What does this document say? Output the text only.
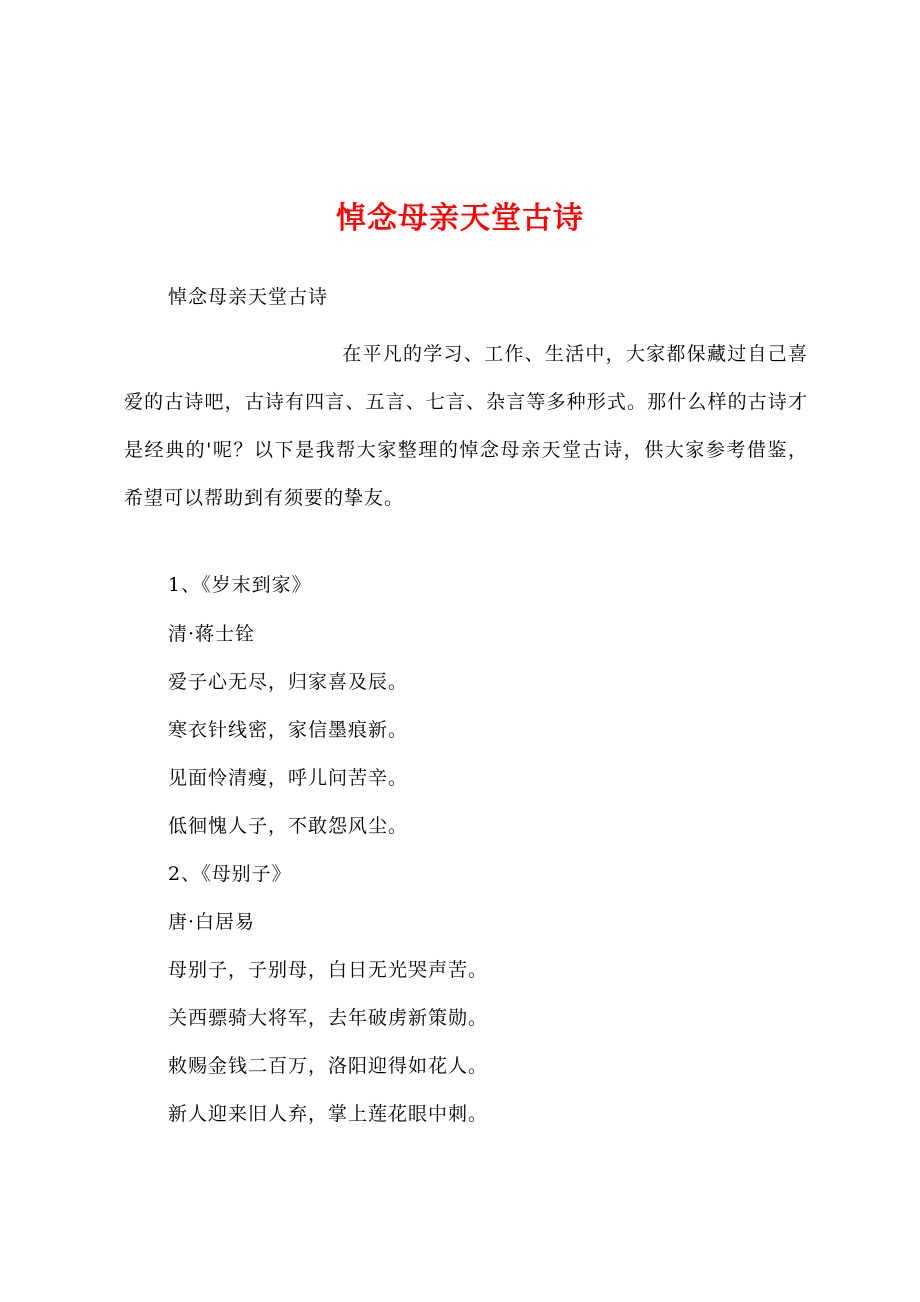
悼念母亲天堂古诗
悼念母亲天堂古诗
在平凡的学习、工作、生活中，大家都保藏过自己喜爱的古诗吧，古诗有四言、五言、七言、杂言等多种形式。那什么样的古诗才是经典的'呢？以下是我帮大家整理的悼念母亲天堂古诗，供大家参考借鉴，希望可以帮助到有须要的挚友。
1、《岁末到家》
清·蒋士铨
爱子心无尽，归家喜及辰。
寒衣针线密，家信墨痕新。
见面怜清瘦，呼儿问苦辛。
低徊愧人子，不敢怨风尘。
2、《母别子》
唐·白居易
母别子，子别母，白日无光哭声苦。
关西骠骑大将军，去年破虏新策勋。
敕赐金钱二百万，洛阳迎得如花人。
新人迎来旧人弃，掌上莲花眼中刺。
